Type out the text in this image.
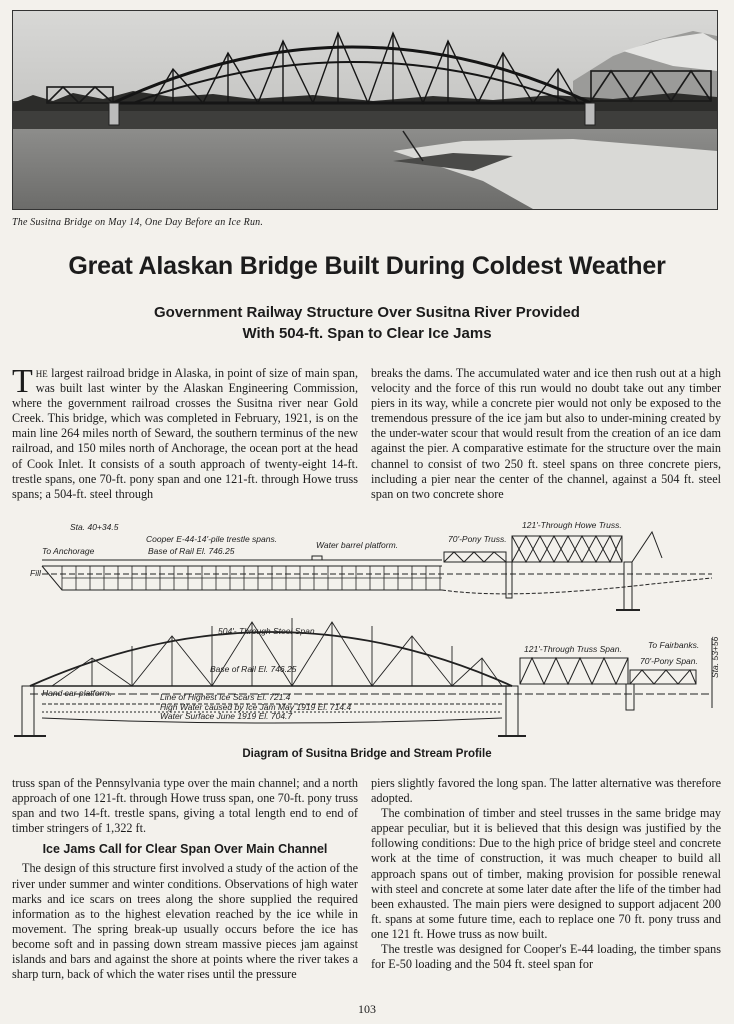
The Susitna Bridge on May 14, One Day Before an Ice Run.
Great Alaskan Bridge Built During Coldest Weather
Government Railway Structure Over Susitna River Provided
With 504-ft. Span to Clear Ice Jams

The largest railroad bridge in Alaska, in point of size of main span, was built last winter by the Alaskan Engineering Commission, where the government railroad crosses the Susitna river near Gold Creek. This bridge, which was completed in February, 1921, is on the main line 264 miles north of Seward, the southern terminus of the new railroad, and 150 miles north of Anchorage, the ocean port at the head of Cook Inlet. It consists of a south approach of twenty-eight 14-ft. trestle spans, one 70-ft. pony span and one 121-ft. through Howe truss spans; a 504-ft. steel through

breaks the dams. The accumulated water and ice then rush out at a high velocity and the force of this run would no doubt take out any timber piers in its way, while a concrete pier would not only be exposed to the tremendous pressure of the ice jam but also to under-mining created by the under-water scour that would result from the creation of an ice dam against the pier. A comparative estimate for the structure over the main channel to consist of two 250 ft. steel spans on three concrete piers, including a pier near the center of the channel, against a 504 ft. steel span on two concrete shore

Sta. 40+34.5
To Anchorage
Fill
Cooper E-44-14'-pile trestle spans.
Base of Rail El. 746.25
Water barrel platform.
70'-Pony Truss.
121'-Through Howe Truss.
504'- Through Steel Span
Base of Rail El. 746.25
Hand car platform.	Line of Highest Ice Scars El. 721.4
High Water caused by Ice Jam May 1919 El. 714.4
Water Surface June 1919 El. 704.7
121'-Through Truss Span.	To Fairbanks.
70'-Pony Span. Sta. 53+56
Diagram of Susitna Bridge and Stream Profile

truss span of the Pennsylvania type over the main channel; and a north approach of one 121-ft. through Howe truss span, one 70-ft. pony truss span and two 14-ft. trestle spans, giving a total length end to end of timber stringers of 1,322 ft.

Ice Jams Call for Clear Span Over Main Channel

The design of this structure first involved a study of the action of the river under summer and winter conditions. Observations of high water marks and ice scars on trees along the shore supplied the required information as to the highest elevation reached by the ice while in movement. The spring break-up usually occurs before the ice has become soft and in passing down stream massive pieces jam against islands and bars and against the shore at points where the river takes a sharp turn, back of which the water rises until the pressure

piers slightly favored the long span. The latter alternative was therefore adopted.

The combination of timber and steel trusses in the same bridge may appear peculiar, but it is believed that this design was justified by the following conditions: Due to the high price of bridge steel and concrete work at the time of construction, it was much cheaper to build all approach spans out of timber, making provision for possible renewal with steel and concrete at some later date after the life of the timber had been exhausted. The main piers were designed to support adjacent 200 ft. spans at some future time, each to replace one 70 ft. pony truss and one 121 ft. Howe truss as now built.

The trestle was designed for Cooper's E-44 loading, the timber spans for E-50 loading and the 504 ft. steel span for

103
